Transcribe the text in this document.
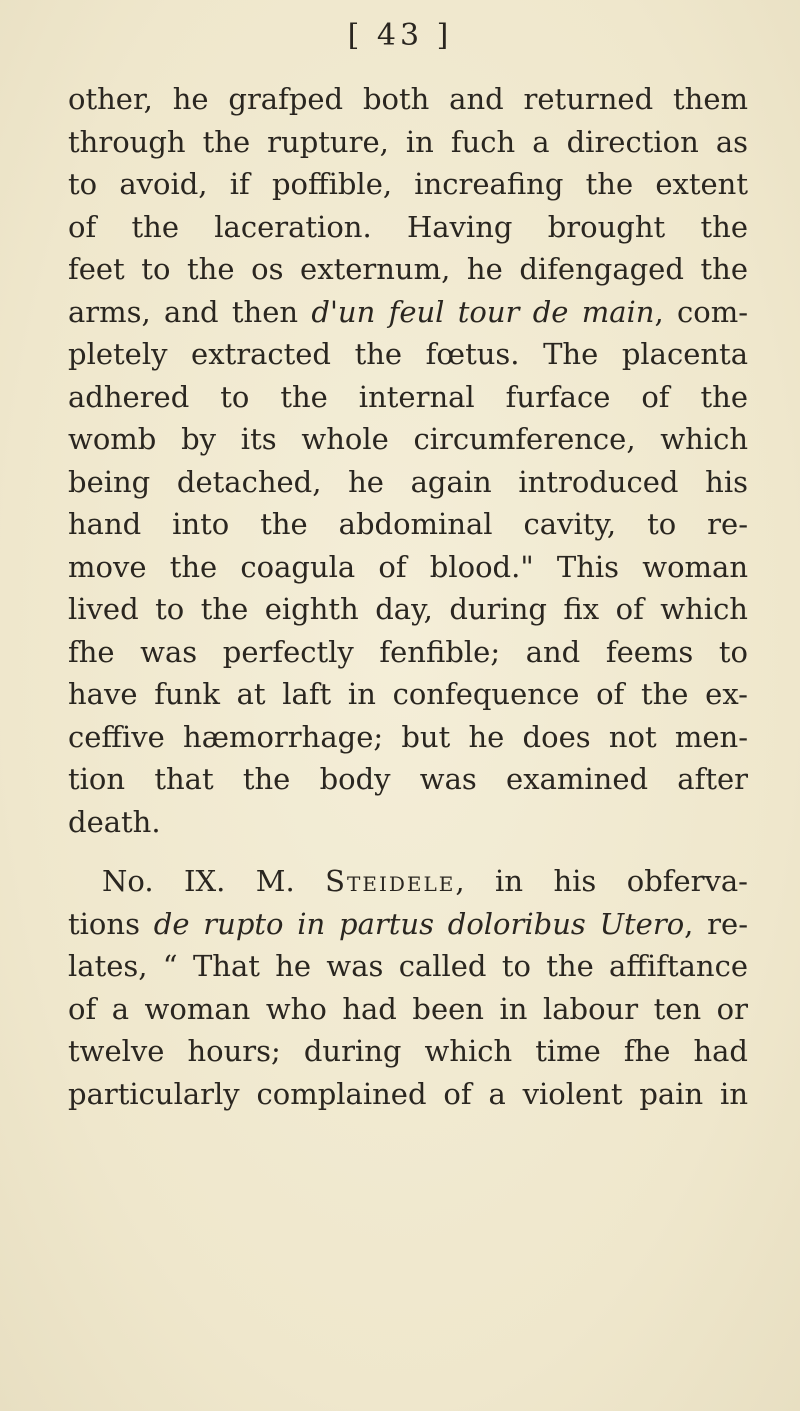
[ 43 ]
other, he grafped both and returned them
through the rupture, in fuch a direction as
to avoid, if poffible, increafing the extent
of the laceration. Having brought the
feet to the os externum, he difengaged the
arms, and then d'un feul tour de main, com-
pletely extracted the fœtus. The placenta
adhered to the internal furface of the
womb by its whole circumference, which
being detached, he again introduced his
hand into the abdominal cavity, to re-
move the coagula of blood." This woman
lived to the eighth day, during fix of which
fhe was perfectly fenfible; and feems to
have funk at laft in confequence of the ex-
ceffive hæmorrhage; but he does not men-
tion that the body was examined after
death.
No. IX. M. Steidele, in his obferva-
tions de rupto in partus doloribus Utero, re-
lates, “ That he was called to the affiftance
of a woman who had been in labour ten or
twelve hours; during which time fhe had
particularly complained of a violent pain in
